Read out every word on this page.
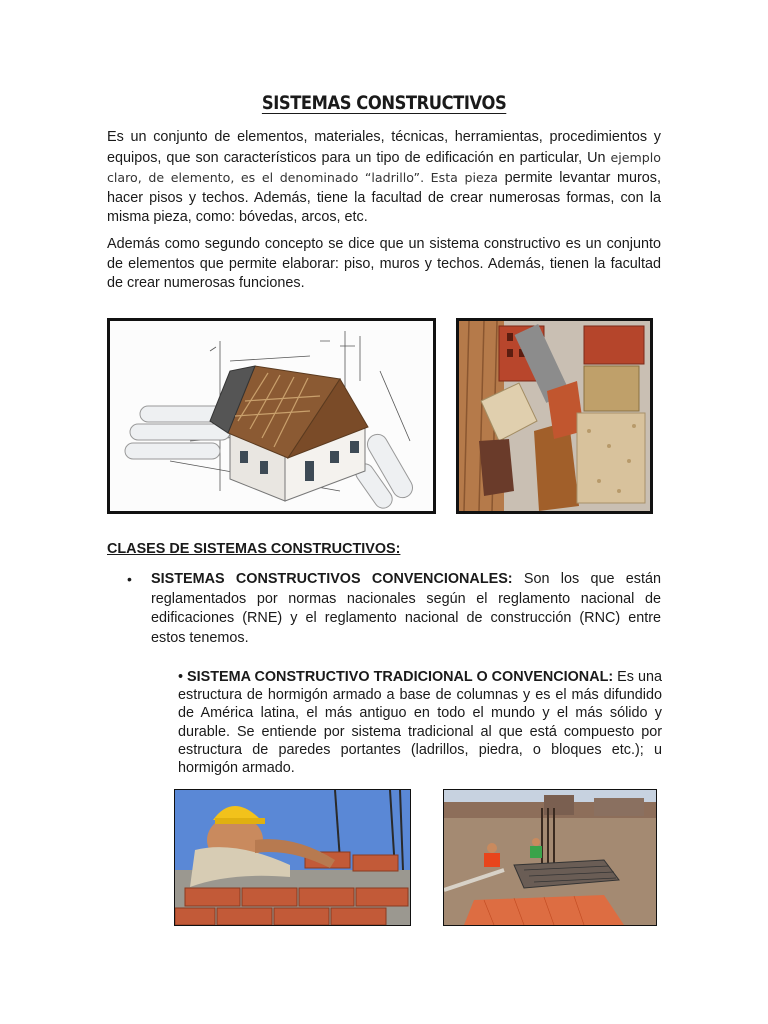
SISTEMAS CONSTRUCTIVOS
Es un conjunto de elementos, materiales, técnicas, herramientas, procedimientos y equipos, que son característicos para un tipo de edificación en particular, Un ejemplo claro, de elemento, es el denominado “ladrillo”. Esta pieza permite levantar muros, hacer pisos y techos. Además, tiene la facultad de crear numerosas formas, con la misma pieza, como: bóvedas, arcos, etc.
Además como segundo concepto se dice que un sistema constructivo es un conjunto de elementos que permite elaborar: piso, muros y techos. Además, tienen la facultad de crear numerosas funciones.
CLASES DE SISTEMAS CONSTRUCTIVOS:
• SISTEMAS CONSTRUCTIVOS CONVENCIONALES: Son los que están reglamentados por normas nacionales según el reglamento nacional de edificaciones (RNE) y el reglamento nacional de construcción (RNC) entre estos tenemos.
• SISTEMA CONSTRUCTIVO TRADICIONAL O CONVENCIONAL: Es una estructura de hormigón armado a base de columnas y es el más difundido de América latina, el más antiguo en todo el mundo y el más sólido y durable. Se entiende por sistema tradicional al que está compuesto por estructura de paredes portantes (ladrillos, piedra, o bloques etc.); u hormigón armado.
